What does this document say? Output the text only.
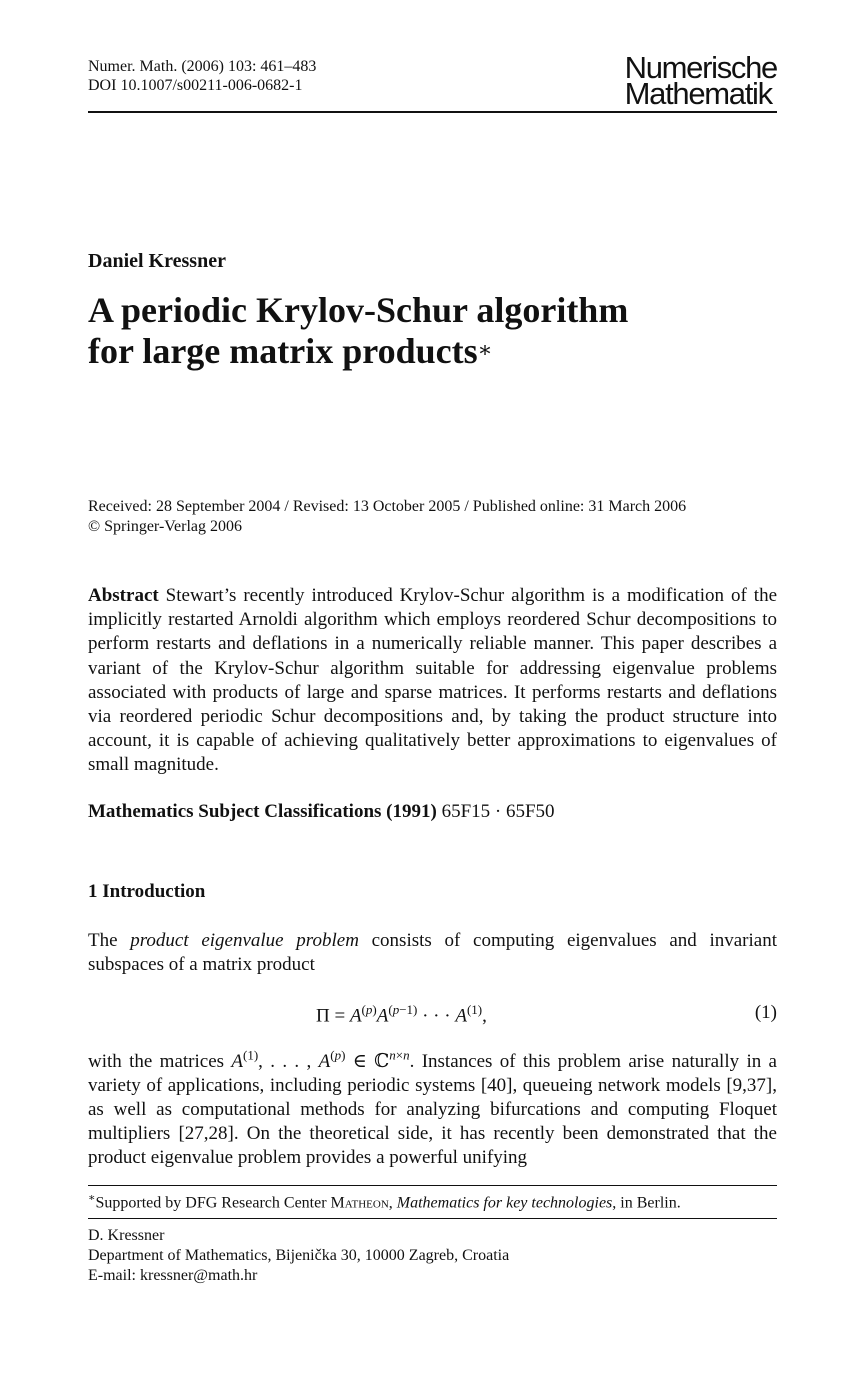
Numer. Math. (2006) 103: 461–483
DOI 10.1007/s00211-006-0682-1
Numerische
Mathematik
Daniel Kressner
A periodic Krylov-Schur algorithm
for large matrix products∗
Received: 28 September 2004 / Revised: 13 October 2005 / Published online: 31 March 2006
© Springer-Verlag 2006
Abstract Stewart’s recently introduced Krylov-Schur algorithm is a modification of the implicitly restarted Arnoldi algorithm which employs reordered Schur decompositions to perform restarts and deflations in a numerically reliable manner. This paper describes a variant of the Krylov-Schur algorithm suitable for addressing eigenvalue problems associated with products of large and sparse matrices. It performs restarts and deflations via reordered periodic Schur decompositions and, by taking the product structure into account, it is capable of achieving qualitatively better approximations to eigenvalues of small magnitude.
Mathematics Subject Classifications (1991) 65F15 · 65F50
1 Introduction
The product eigenvalue problem consists of computing eigenvalues and invariant subspaces of a matrix product
$\Pi = A^{(p)}A^{(p-1)}$ · · · $A^{(1)}$,	(1)
with the matrices $A^{(1)}$, . . . , $A^{(p)}$ ∈ ℂ$^{n\times n}$. Instances of this problem arise naturally in a variety of applications, including periodic systems [40], queueing network models [9,37], as well as computational methods for analyzing bifurcations and computing Floquet multipliers [27,28]. On the theoretical side, it has recently been demonstrated that the product eigenvalue problem provides a powerful unifying
∗Supported by DFG Research Center Matheon, Mathematics for key technologies, in Berlin.
D. Kressner
Department of Mathematics, Bijenička 30, 10000 Zagreb, Croatia
E-mail: kressner@math.hr
